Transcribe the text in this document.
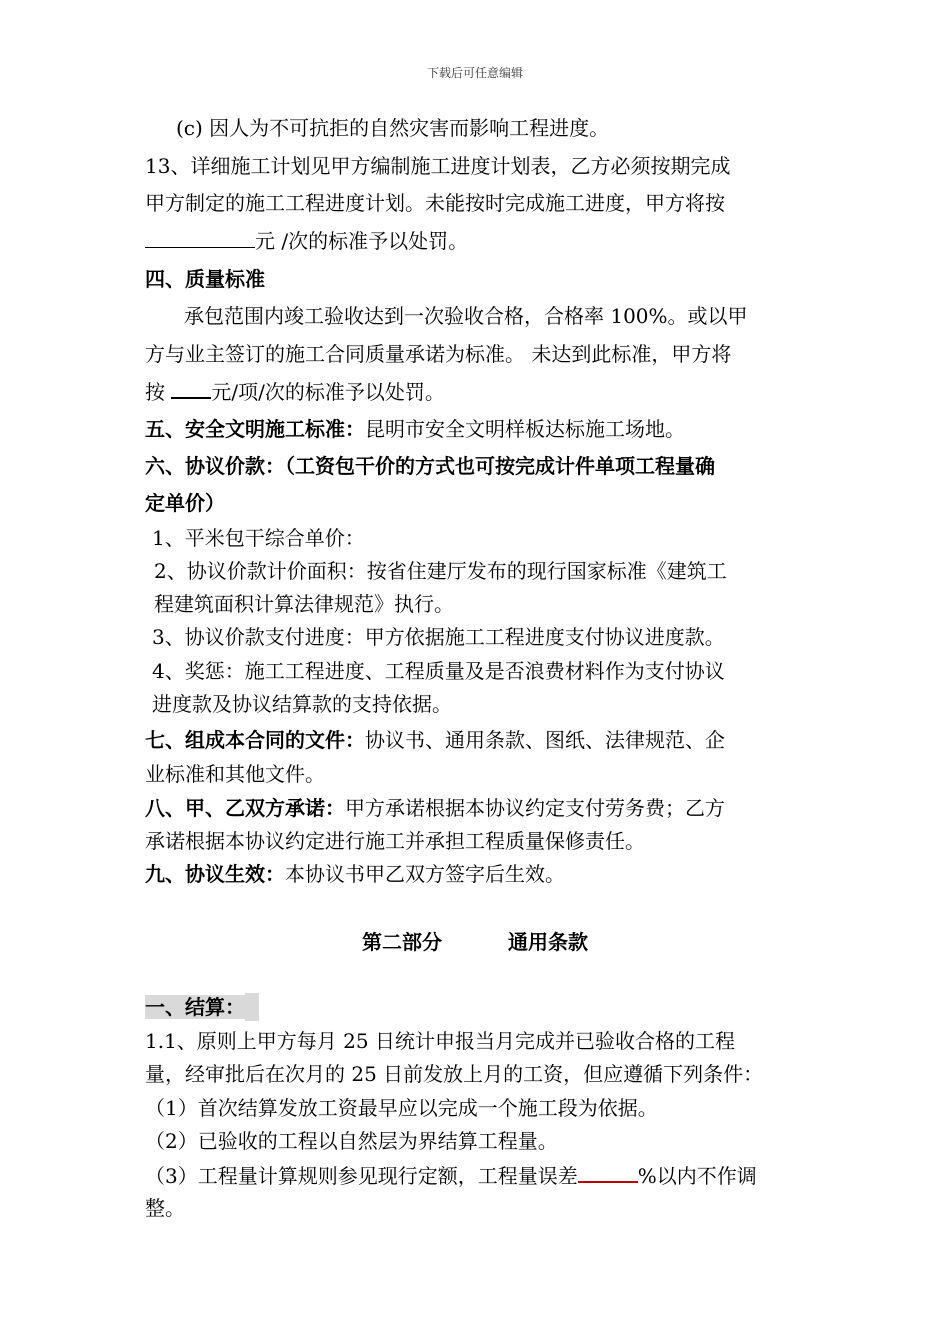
下载后可任意编辑
(c) 因人为不可抗拒的自然灾害而影响工程进度。
13、详细施工计划见甲方编制施工进度计划表，乙方必须按期完成
甲方制定的施工工程进度计划。未能按时完成施工进度，甲方将按
元 /次的标准予以处罚。
四、质量标准
承包范围内竣工验收达到一次验收合格，合格率 100%。或以甲
方与业主签订的施工合同质量承诺为标准。 未达到此标准，甲方将
按 元/项/次的标准予以处罚。
五、安全文明施工标准：昆明市安全文明样板达标施工场地。
六、协议价款：（工资包干价的方式也可按完成计件单项工程量确
定单价）
1、平米包干综合单价：
2、协议价款计价面积：按省住建厅发布的现行国家标准《建筑工
程建筑面积计算法律规范》执行。
3、协议价款支付进度：甲方依据施工工程进度支付协议进度款。
4、奖惩：施工工程进度、工程质量及是否浪费材料作为支付协议
进度款及协议结算款的支持依据。
七、组成本合同的文件：协议书、通用条款、图纸、法律规范、企
业标准和其他文件。
八、甲、乙双方承诺：甲方承诺根据本协议约定支付劳务费；乙方
承诺根据本协议约定进行施工并承担工程质量保修责任。
九、协议生效：本协议书甲乙双方签字后生效。
第二部分	通用条款
一、结算：
1.1、原则上甲方每月 25 日统计申报当月完成并已验收合格的工程
量，经审批后在次月的 25 日前发放上月的工资，但应遵循下列条件：
（1）首次结算发放工资最早应以完成一个施工段为依据。
（2）已验收的工程以自然层为界结算工程量。
（3）工程量计算规则参见现行定额，工程量误差	%以内不作调
整。
